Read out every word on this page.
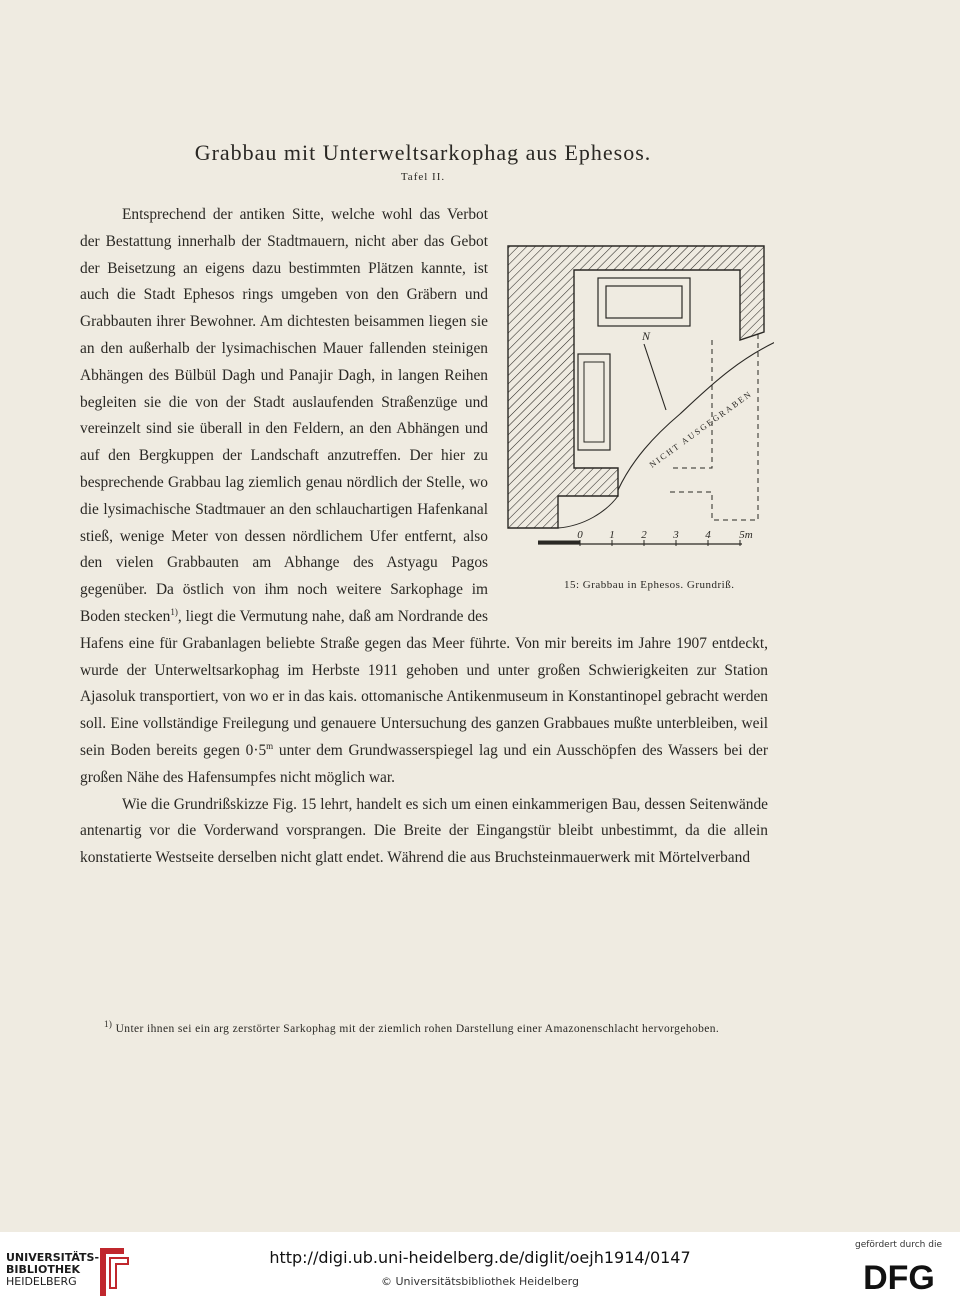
Grabbau mit Unterweltsarkophag aus Ephesos.
Tafel II.

N
NICHT AUSGEGRABEN
0 1 2 3 4	5m
15: Grabbau in Ephesos. Grundriß.
Entsprechend der antiken Sitte, welche wohl das Verbot der Bestattung innerhalb der Stadtmauern, nicht aber das Gebot der Beisetzung an eigens dazu bestimmten Plätzen kannte, ist auch die Stadt Ephesos rings umgeben von den Gräbern und Grabbauten ihrer Bewohner. Am dichtesten beisammen liegen sie an den außerhalb der lysimachischen Mauer fallenden steinigen Abhängen des Bülbül Dagh und Panajir Dagh, in langen Reihen begleiten sie die von der Stadt auslaufenden Straßenzüge und vereinzelt sind sie überall in den Feldern, an den Abhängen und auf den Bergkuppen der Landschaft anzutreffen. Der hier zu besprechende Grabbau lag ziemlich genau nördlich der Stelle, wo die lysimachische Stadtmauer an den schlauchartigen Hafenkanal stieß, wenige Meter von dessen nördlichem Ufer entfernt, also den vielen Grabbauten am Abhange des Astyagu Pagos gegenüber. Da östlich von ihm noch weitere Sarkophage im Boden stecken$^{1)}$, liegt die Vermutung nahe, daß am Nordrande des Hafens eine für Grabanlagen beliebte Straße gegen das Meer führte. Von mir bereits im Jahre 1907 entdeckt, wurde der Unterweltsarkophag im Herbste 1911 gehoben und unter großen Schwierigkeiten zur Station Ajasoluk transportiert, von wo er in das kais. ottomanische Antikenmuseum in Konstantinopel gebracht werden soll. Eine vollständige Freilegung und genauere Untersuchung des ganzen Grabbaues mußte unterbleiben, weil sein Boden bereits gegen $0\cdot 5^m$ unter dem Grundwasserspiegel lag und ein Ausschöpfen des Wassers bei der großen Nähe des Hafensumpfes nicht möglich war.

Wie die Grundrißskizze Fig. 15 lehrt, handelt es sich um einen einkammerigen Bau, dessen Seitenwände antenartig vor die Vorderwand vorsprangen. Die Breite der Eingangstür bleibt unbestimmt, da die allein konstatierte Westseite derselben nicht glatt endet. Während die aus Bruchsteinmauerwerk mit Mörtelverband

$^{1)}$ Unter ihnen sei ein arg zerstörter Sarkophag mit der ziemlich rohen Darstellung einer Amazonenschlacht hervorgehoben.
UNIVERSITÄTS-
BIBLIOTHEK
HEIDELBERG
http://digi.ub.uni-heidelberg.de/diglit/oejh1914/0147
© Universitätsbibliothek Heidelberg
gefördert durch die
DFG
